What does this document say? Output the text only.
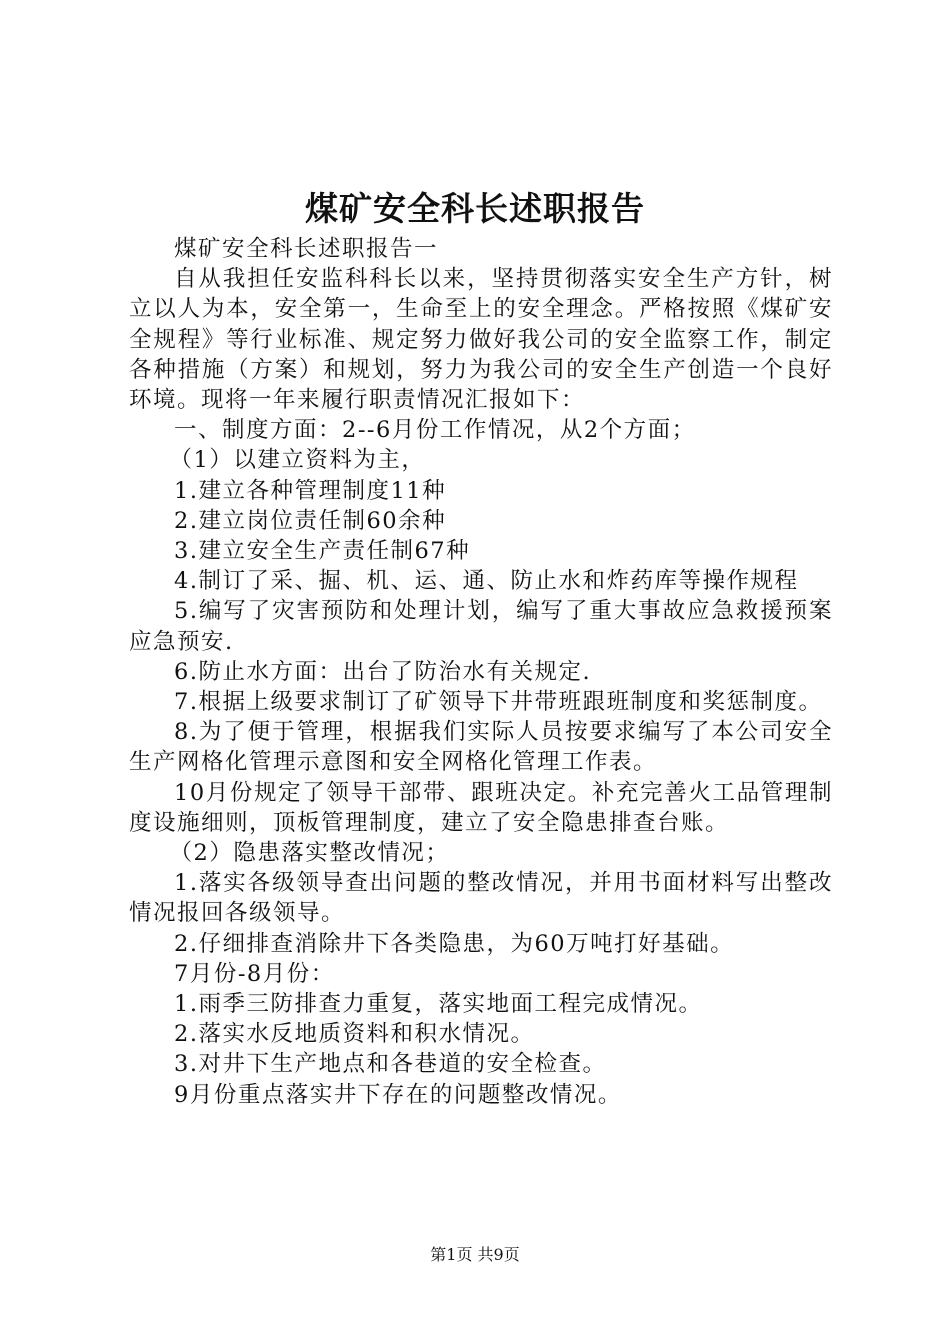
煤矿安全科长述职报告

煤矿安全科长述职报告一

自从我担任安监科科长以来，坚持贯彻落实安全生产方针，树立以人为本，安全第一，生命至上的安全理念。严格按照《煤矿安全规程》等行业标准、规定努力做好我公司的安全监察工作，制定各种措施（方案）和规划，努力为我公司的安全生产创造一个良好环境。现将一年来履行职责情况汇报如下：

一、制度方面：2--6月份工作情况，从2个方面；

（1）以建立资料为主，

1.建立各种管理制度11种

2.建立岗位责任制60余种

3.建立安全生产责任制67种

4.制订了采、掘、机、运、通、防止水和炸药库等操作规程

5.编写了灾害预防和处理计划，编写了重大事故应急救援预案应急预安.

6.防止水方面：出台了防治水有关规定.

7.根据上级要求制订了矿领导下井带班跟班制度和奖惩制度。

8.为了便于管理，根据我们实际人员按要求编写了本公司安全生产网格化管理示意图和安全网格化管理工作表。

10月份规定了领导干部带、跟班决定。补充完善火工品管理制度设施细则，顶板管理制度，建立了安全隐患排查台账。

（2）隐患落实整改情况；

1.落实各级领导查出问题的整改情况，并用书面材料写出整改情况报回各级领导。

2.仔细排查消除井下各类隐患，为60万吨打好基础。

7月份-8月份：

1.雨季三防排查力重复，落实地面工程完成情况。

2.落实水反地质资料和积水情况。

3.对井下生产地点和各巷道的安全检查。

9月份重点落实井下存在的问题整改情况。

第1页 共9页
